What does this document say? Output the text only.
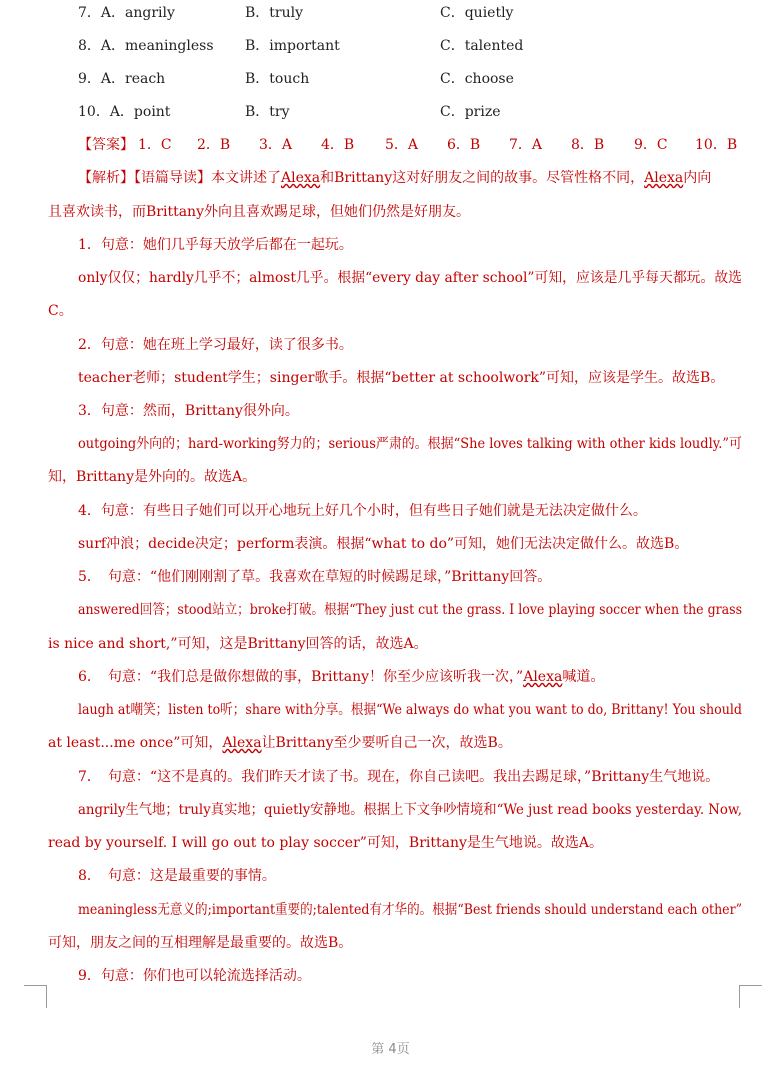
7．A．angrily	B．truly	C．quietly
8．A．meaningless B．important	C．talented
9．A．reach	B．touch	C．choose
10．A．point	B．try	C．prize
【答案】 1．C 2．B 3．A 4．B 5．A 6．B 7．A 8．B 9．C 10．B
【解析】【语篇导读】本文讲述了Alexa和Brittany这对好朋友之间的故事。尽管性格不同，Alexa内向
且喜欢读书，而Brittany外向且喜欢踢足球，但她们仍然是好朋友。
1．句意：她们几乎每天放学后都在一起玩。
only仅仅；hardly几乎不；almost几乎。根据“every day after school”可知，应该是几乎每天都玩。故选
C。
2．句意：她在班上学习最好，读了很多书。
teacher老师；student学生；singer歌手。根据“better at schoolwork”可知，应该是学生。故选B。
3．句意：然而，Brittany很外向。
outgoing外向的；hard-working努力的；serious严肃的。根据“She loves talking with other kids loudly.”可
知，Brittany是外向的。故选A。
4．句意：有些日子她们可以开心地玩上好几个小时，但有些日子她们就是无法决定做什么。
surf冲浪；decide决定；perform表演。根据“what to do”可知，她们无法决定做什么。故选B。
5．　句意：“他们刚刚割了草。我喜欢在草短的时候踢足球，”Brittany回答。
answered回答；stood站立；broke打破。根据“They just cut the grass. I love playing soccer when the grass
is nice and short,”可知，这是Brittany回答的话，故选A。
6．　句意：“我们总是做你想做的事，Brittany！你至少应该听我一次，”Alexa喊道。
laugh at嘲笑；listen to听；share with分享。根据“We always do what you want to do, Brittany! You should
at least...me once”可知，Alexa让Brittany至少要听自己一次，故选B。
7．　句意：“这不是真的。我们昨天才读了书。现在，你自己读吧。我出去踢足球，”Brittany生气地说。
angrily生气地；truly真实地；quietly安静地。根据上下文争吵情境和“We just read books yesterday. Now,
read by yourself. I will go out to play soccer”可知，Brittany是生气地说。故选A。
8．　句意：这是最重要的事情。
meaningless无意义的;important重要的;talented有才华的。根据“Best friends should understand each other”
可知，朋友之间的互相理解是最重要的。故选B。
9．句意：你们也可以轮流选择活动。
第 4页
